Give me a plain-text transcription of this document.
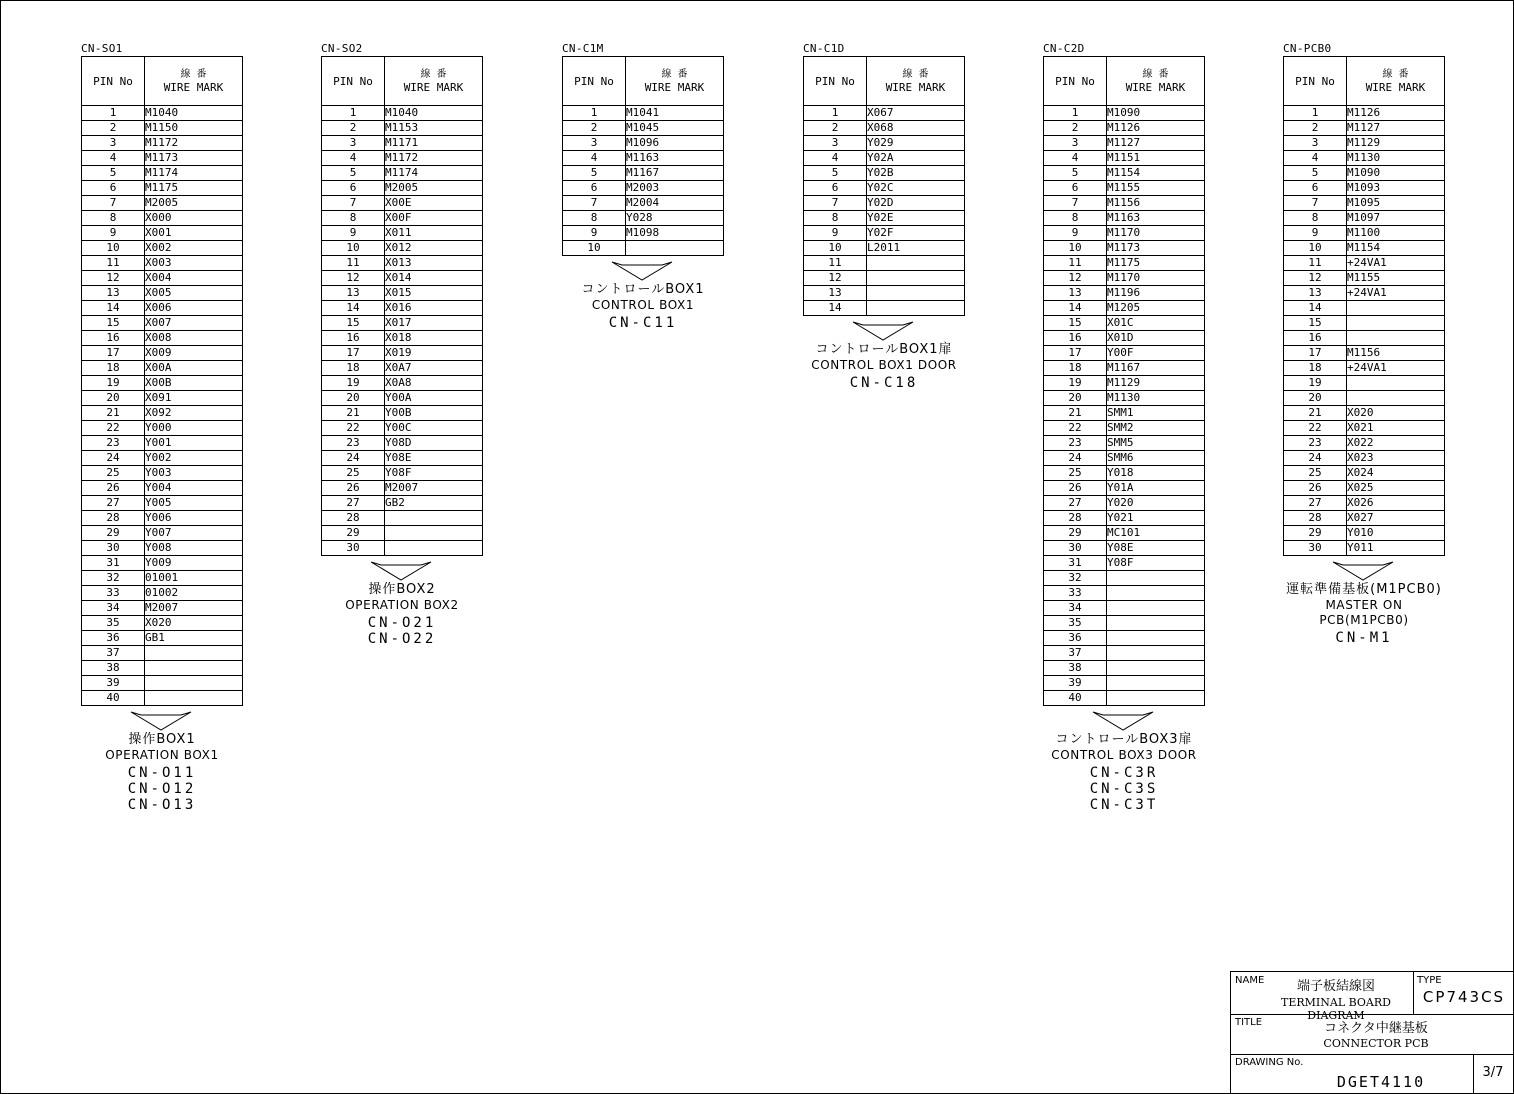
CN-SO1
PIN No	線 番
WIRE MARK

1	M1040
2	M1150
3	M1172
4	M1173
5	M1174
6	M1175
7	M2005
8	X000
9	X001
10	X002
11	X003
12	X004
13	X005
14	X006
15	X007
16	X008
17	X009
18	X00A
19	X00B
20	X091
21	X092
22	Y000
23	Y001
24	Y002
25	Y003
26	Y004
27	Y005
28	Y006
29	Y007
30	Y008
31	Y009
32	01001
33	01002
34	M2007
35	X020
36	GB1
37	
38	
39	
40	
操作BOX1
OPERATION BOX1
CN-O11
CN-O12
CN-O13
CN-SO2
PIN No	線 番
WIRE MARK

1	M1040
2	M1153
3	M1171
4	M1172
5	M1174
6	M2005
7	X00E
8	X00F
9	X011
10	X012
11	X013
12	X014
13	X015
14	X016
15	X017
16	X018
17	X019
18	X0A7
19	X0A8
20	Y00A
21	Y00B
22	Y00C
23	Y08D
24	Y08E
25	Y08F
26	M2007
27	GB2
28	
29	
30	
操作BOX2
OPERATION BOX2
CN-O21
CN-O22
CN-C1M
PIN No	線 番
WIRE MARK

1	M1041
2	M1045
3	M1096
4	M1163
5	M1167
6	M2003
7	M2004
8	Y028
9	M1098
10	
コントロールBOX1
CONTROL BOX1
CN-C11
CN-C1D
PIN No	線 番
WIRE MARK

1	X067
2	X068
3	Y029
4	Y02A
5	Y02B
6	Y02C
7	Y02D
8	Y02E
9	Y02F
10	L2011
11	
12	
13	
14	
コントロールBOX1扉
CONTROL BOX1 DOOR
CN-C18
CN-C2D
PIN No	線 番
WIRE MARK

1	M1090
2	M1126
3	M1127
4	M1151
5	M1154
6	M1155
7	M1156
8	M1163
9	M1170
10	M1173
11	M1175
12	M1170
13	M1196
14	M1205
15	X01C
16	X01D
17	Y00F
18	M1167
19	M1129
20	M1130
21	SMM1
22	SMM2
23	SMM5
24	SMM6
25	Y018
26	Y01A
27	Y020
28	Y021
29	MC101
30	Y08E
31	Y08F
32	
33	
34	
35	
36	
37	
38	
39	
40	
コントロールBOX3扉
CONTROL BOX3 DOOR
CN-C3R
CN-C3S
CN-C3T
CN-PCB0
PIN No	線 番
WIRE MARK

1	M1126
2	M1127
3	M1129
4	M1130
5	M1090
6	M1093
7	M1095
8	M1097
9	M1100
10	M1154
11	+24VA1
12	M1155
13	+24VA1
14	
15	
16	
17	M1156
18	+24VA1
19	
20	
21	X020
22	X021
23	X022
24	X023
25	X024
26	X025
27	X026
28	X027
29	Y010
30	Y011
運転準備基板(M1PCB0)
MASTER ON PCB(M1PCB0)
CN-M1
NAME	端子板結線図
TERMINAL BOARD DIAGRAM
TYPE
CP743CS
TITLE	コネクタ中継基板
CONNECTOR PCB
DRAWING No.
DGET4110
3/7
